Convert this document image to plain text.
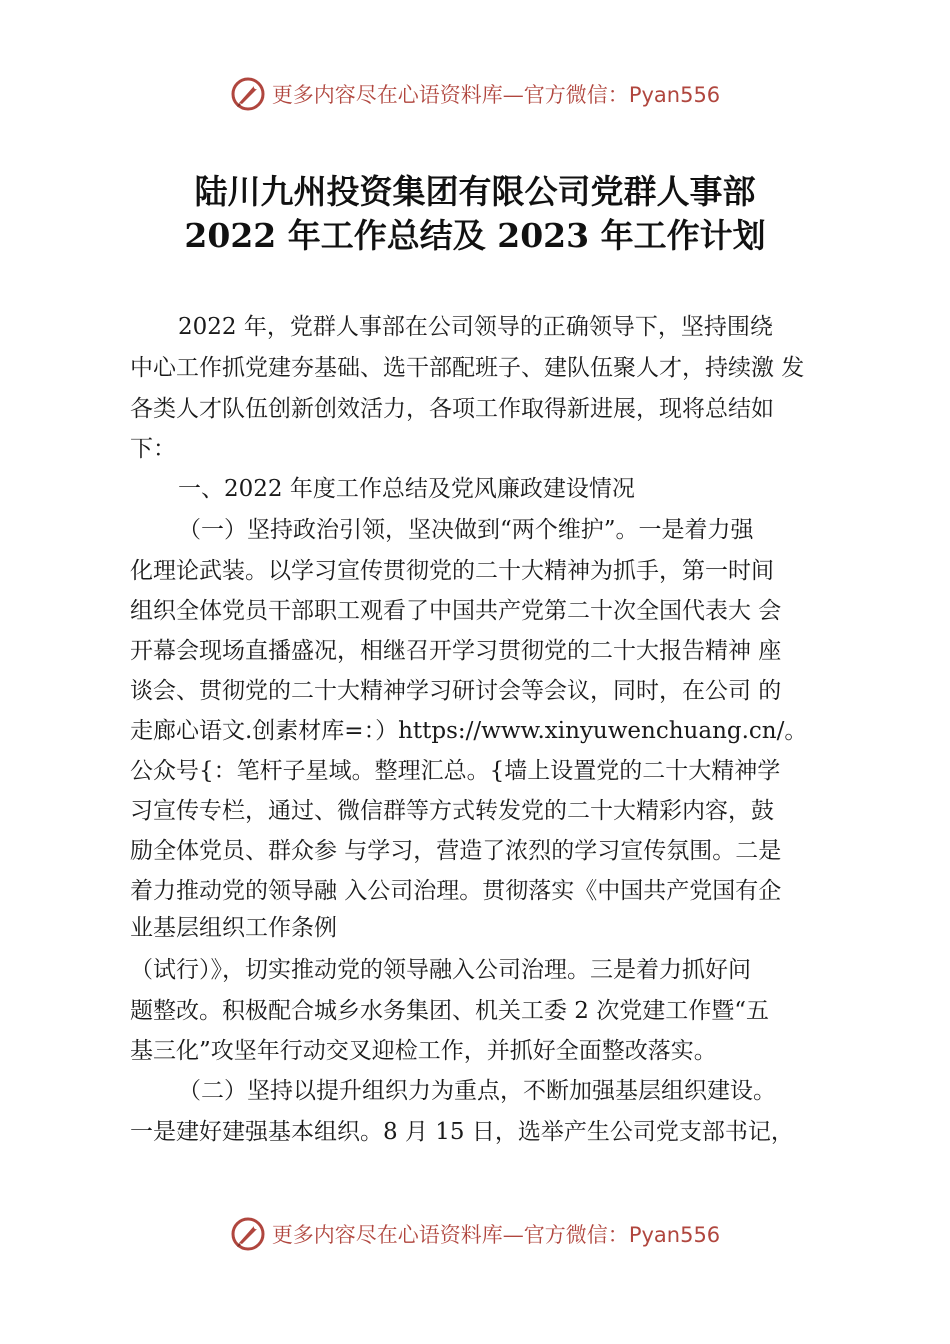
更多内容尽在心语资料库—官方微信：Pyan556
陆川九州投资集团有限公司党群人事部
2022 年工作总结及 2023 年工作计划
2022 年，党群人事部在公司领导的正确领导下，坚持围绕
中心工作抓党建夯基础、选干部配班子、建队伍聚人才，持续激 发
各类人才队伍创新创效活力，各项工作取得新进展，现将总结如
下：
一、2022 年度工作总结及党风廉政建设情况
（一）坚持政治引领，坚决做到“两个维护”。一是着力强
化理论武装。以学习宣传贯彻党的二十大精神为抓手，第一时间
组织全体党员干部职工观看了中国共产党第二十次全国代表大 会
开幕会现场直播盛况，相继召开学习贯彻党的二十大报告精神 座
谈会、贯彻党的二十大精神学习研讨会等会议，同时，在公司 的
走廊心语文.创素材库=：）https://www.xinyuwenchuang.cn/。
公众号{：笔杆子星域。整理汇总。{墙上设置党的二十大精神学
习宣传专栏，通过、微信群等方式转发党的二十大精彩内容，鼓
励全体党员、群众参 与学习，营造了浓烈的学习宣传氛围。二是
着力推动党的领导融 入公司治理。贯彻落实《中国共产党国有企
业基层组织工作条例
（试行）》，切实推动党的领导融入公司治理。三是着力抓好问
题整改。积极配合城乡水务集团、机关工委 2 次党建工作暨“五
基三化”攻坚年行动交叉迎检工作，并抓好全面整改落实。
（二）坚持以提升组织力为重点，不断加强基层组织建设。
一是建好建强基本组织。8 月 15 日，选举产生公司党支部书记，
更多内容尽在心语资料库—官方微信：Pyan556
